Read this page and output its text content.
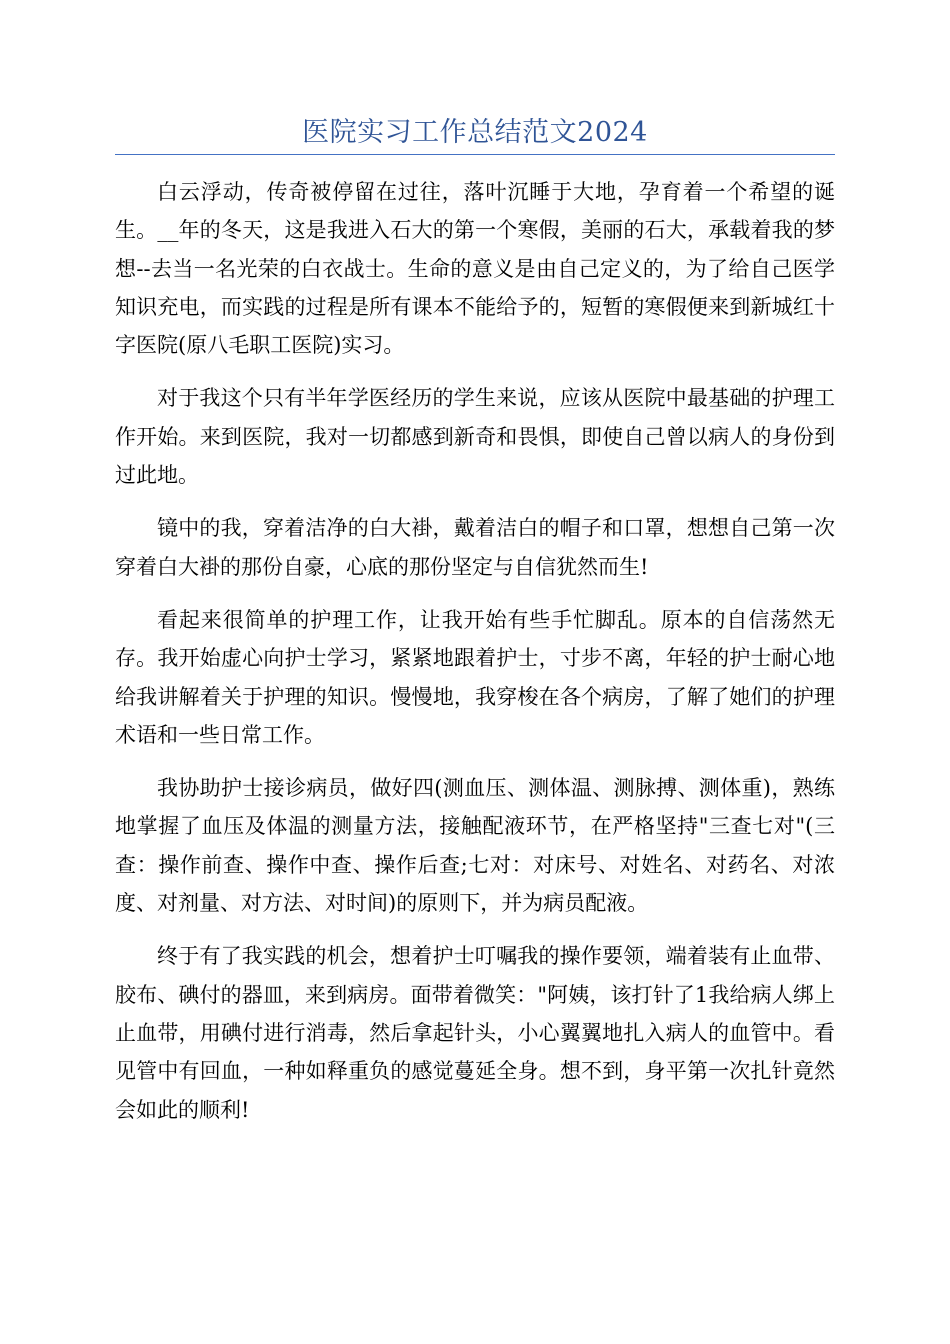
医院实习工作总结范文2024

白云浮动，传奇被停留在过往，落叶沉睡于大地，孕育着一个希望的诞生。__年的冬天，这是我进入石大的第一个寒假，美丽的石大，承载着我的梦想--去当一名光荣的白衣战士。生命的意义是由自己定义的，为了给自己医学知识充电，而实践的过程是所有课本不能给予的，短暂的寒假便来到新城红十字医院(原八毛职工医院)实习。

对于我这个只有半年学医经历的学生来说，应该从医院中最基础的护理工作开始。来到医院，我对一切都感到新奇和畏惧，即使自己曾以病人的身份到过此地。

镜中的我，穿着洁净的白大褂，戴着洁白的帽子和口罩，想想自己第一次穿着白大褂的那份自豪，心底的那份坚定与自信犹然而生!

看起来很简单的护理工作，让我开始有些手忙脚乱。原本的自信荡然无存。我开始虚心向护士学习，紧紧地跟着护士，寸步不离，年轻的护士耐心地给我讲解着关于护理的知识。慢慢地，我穿梭在各个病房，了解了她们的护理术语和一些日常工作。

我协助护士接诊病员，做好四(测血压、测体温、测脉搏、测体重)，熟练地掌握了血压及体温的测量方法，接触配液环节，在严格坚持"三查七对"(三查：操作前查、操作中查、操作后查;七对：对床号、对姓名、对药名、对浓度、对剂量、对方法、对时间)的原则下，并为病员配液。

终于有了我实践的机会，想着护士叮嘱我的操作要领，端着装有止血带、胶布、碘付的器皿，来到病房。面带着微笑："阿姨，该打针了1我给病人绑上止血带，用碘付进行消毒，然后拿起针头，小心翼翼地扎入病人的血管中。看见管中有回血，一种如释重负的感觉蔓延全身。想不到，身平第一次扎针竟然会如此的顺利!
